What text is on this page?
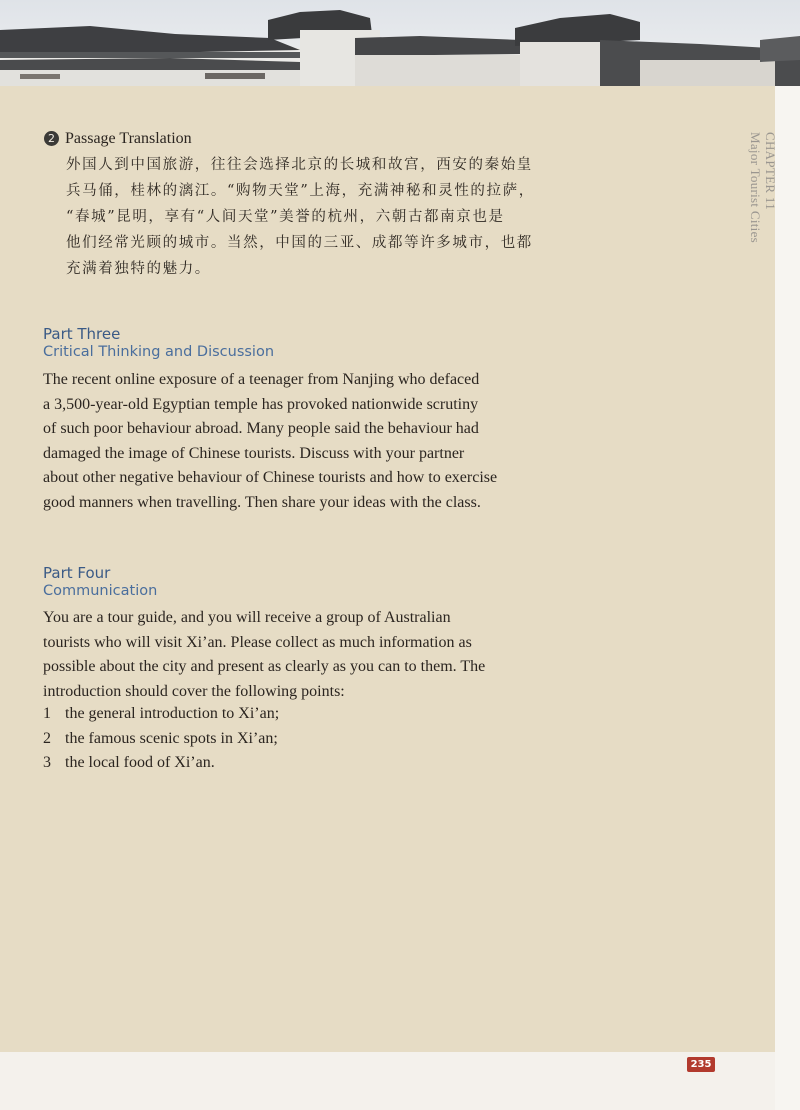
CHAPTER 11
Major Tourist Cities
2 Passage Translation
外国人到中国旅游，往往会选择北京的长城和故宫，西安的秦始皇
兵马俑，桂林的漓江。“购物天堂”上海，充满神秘和灵性的拉萨，
“春城”昆明，享有“人间天堂”美誉的杭州，六朝古都南京也是
他们经常光顾的城市。当然，中国的三亚、成都等许多城市，也都
充满着独特的魅力。
Part Three
Critical Thinking and Discussion
The recent online exposure of a teenager from Nanjing who defaced
a 3,500-year-old Egyptian temple has provoked nationwide scrutiny
of such poor behaviour abroad. Many people said the behaviour had
damaged the image of Chinese tourists. Discuss with your partner
about other negative behaviour of Chinese tourists and how to exercise
good manners when travelling. Then share your ideas with the class.
Part Four
Communication
You are a tour guide, and you will receive a group of Australian
tourists who will visit Xi’an. Please collect as much information as
possible about the city and present as clearly as you can to them. The
introduction should cover the following points:
1 the general introduction to Xi’an;
2 the famous scenic spots in Xi’an;
3 the local food of Xi’an.
235
